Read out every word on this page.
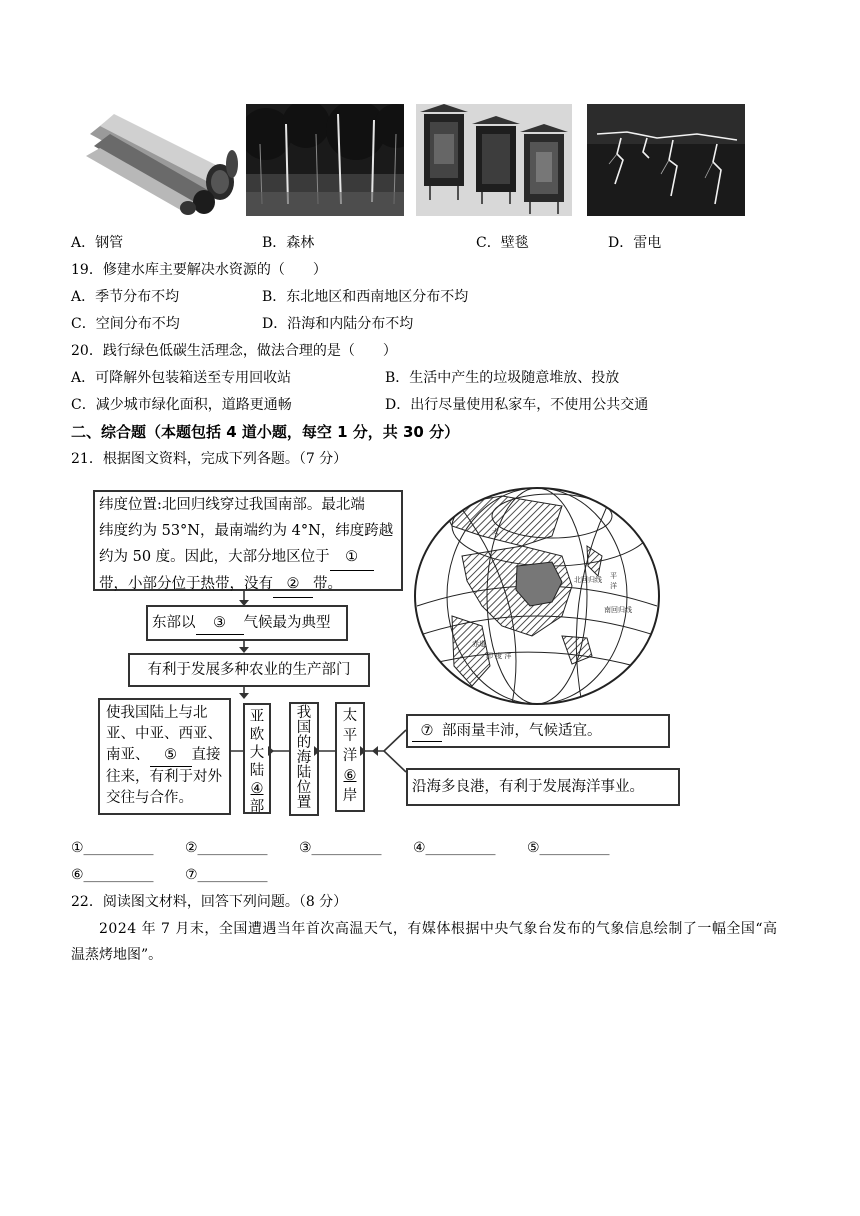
A．钢管	B．森林	C．壁毯	D．雷电
19．修建水库主要解决水资源的（　　）
A．季节分布不均	B．东北地区和西南地区分布不均
C．空间分布不均	D．沿海和内陆分布不均
20．践行绿色低碳生活理念，做法合理的是（　　）
A．可降解外包装箱送至专用回收站	B．生活中产生的垃圾随意堆放、投放
C．减少城市绿化面积，道路更通畅	D．出行尽量使用私家车，不使用公共交通
二、综合题（本题包括 4 道小题，每空 1 分，共 30 分）
21．根据图文资料，完成下列各题。（7 分）
纬度位置:北回归线穿过我国南部。最北端
纬度约为 53°N，最南端约为 4°N，纬度跨越
约为 50 度。因此，大部分地区位于 ①
带，小部分位于热带，没有 ② 带。
东部以 ③ 气候最为典型
有利于发展多种农业的生产部门
使我国陆上与北
亚、中亚、西亚、
南亚、 ⑤ 直接
往来，有利于对外
交往与合作。
亚
欧
大
陆
④
部
我
国
的
海
陆
位
置
太
平
洋
⑥
岸
⑦ 部雨量丰沛，气候适宜。
沿海多良港，有利于发展海洋事业。
太
平
洋
北回归线
南回归线
印 度 洋
赤道
①__________ ②__________ ③__________ ④__________ ⑤__________
⑥__________ ⑦__________
22．阅读图文材料，回答下列问题。（8 分）
2024 年 7 月末，全国遭遇当年首次高温天气，有媒体根据中央气象台发布的气象信息绘制了一幅全国“高
温蒸烤地图”。
